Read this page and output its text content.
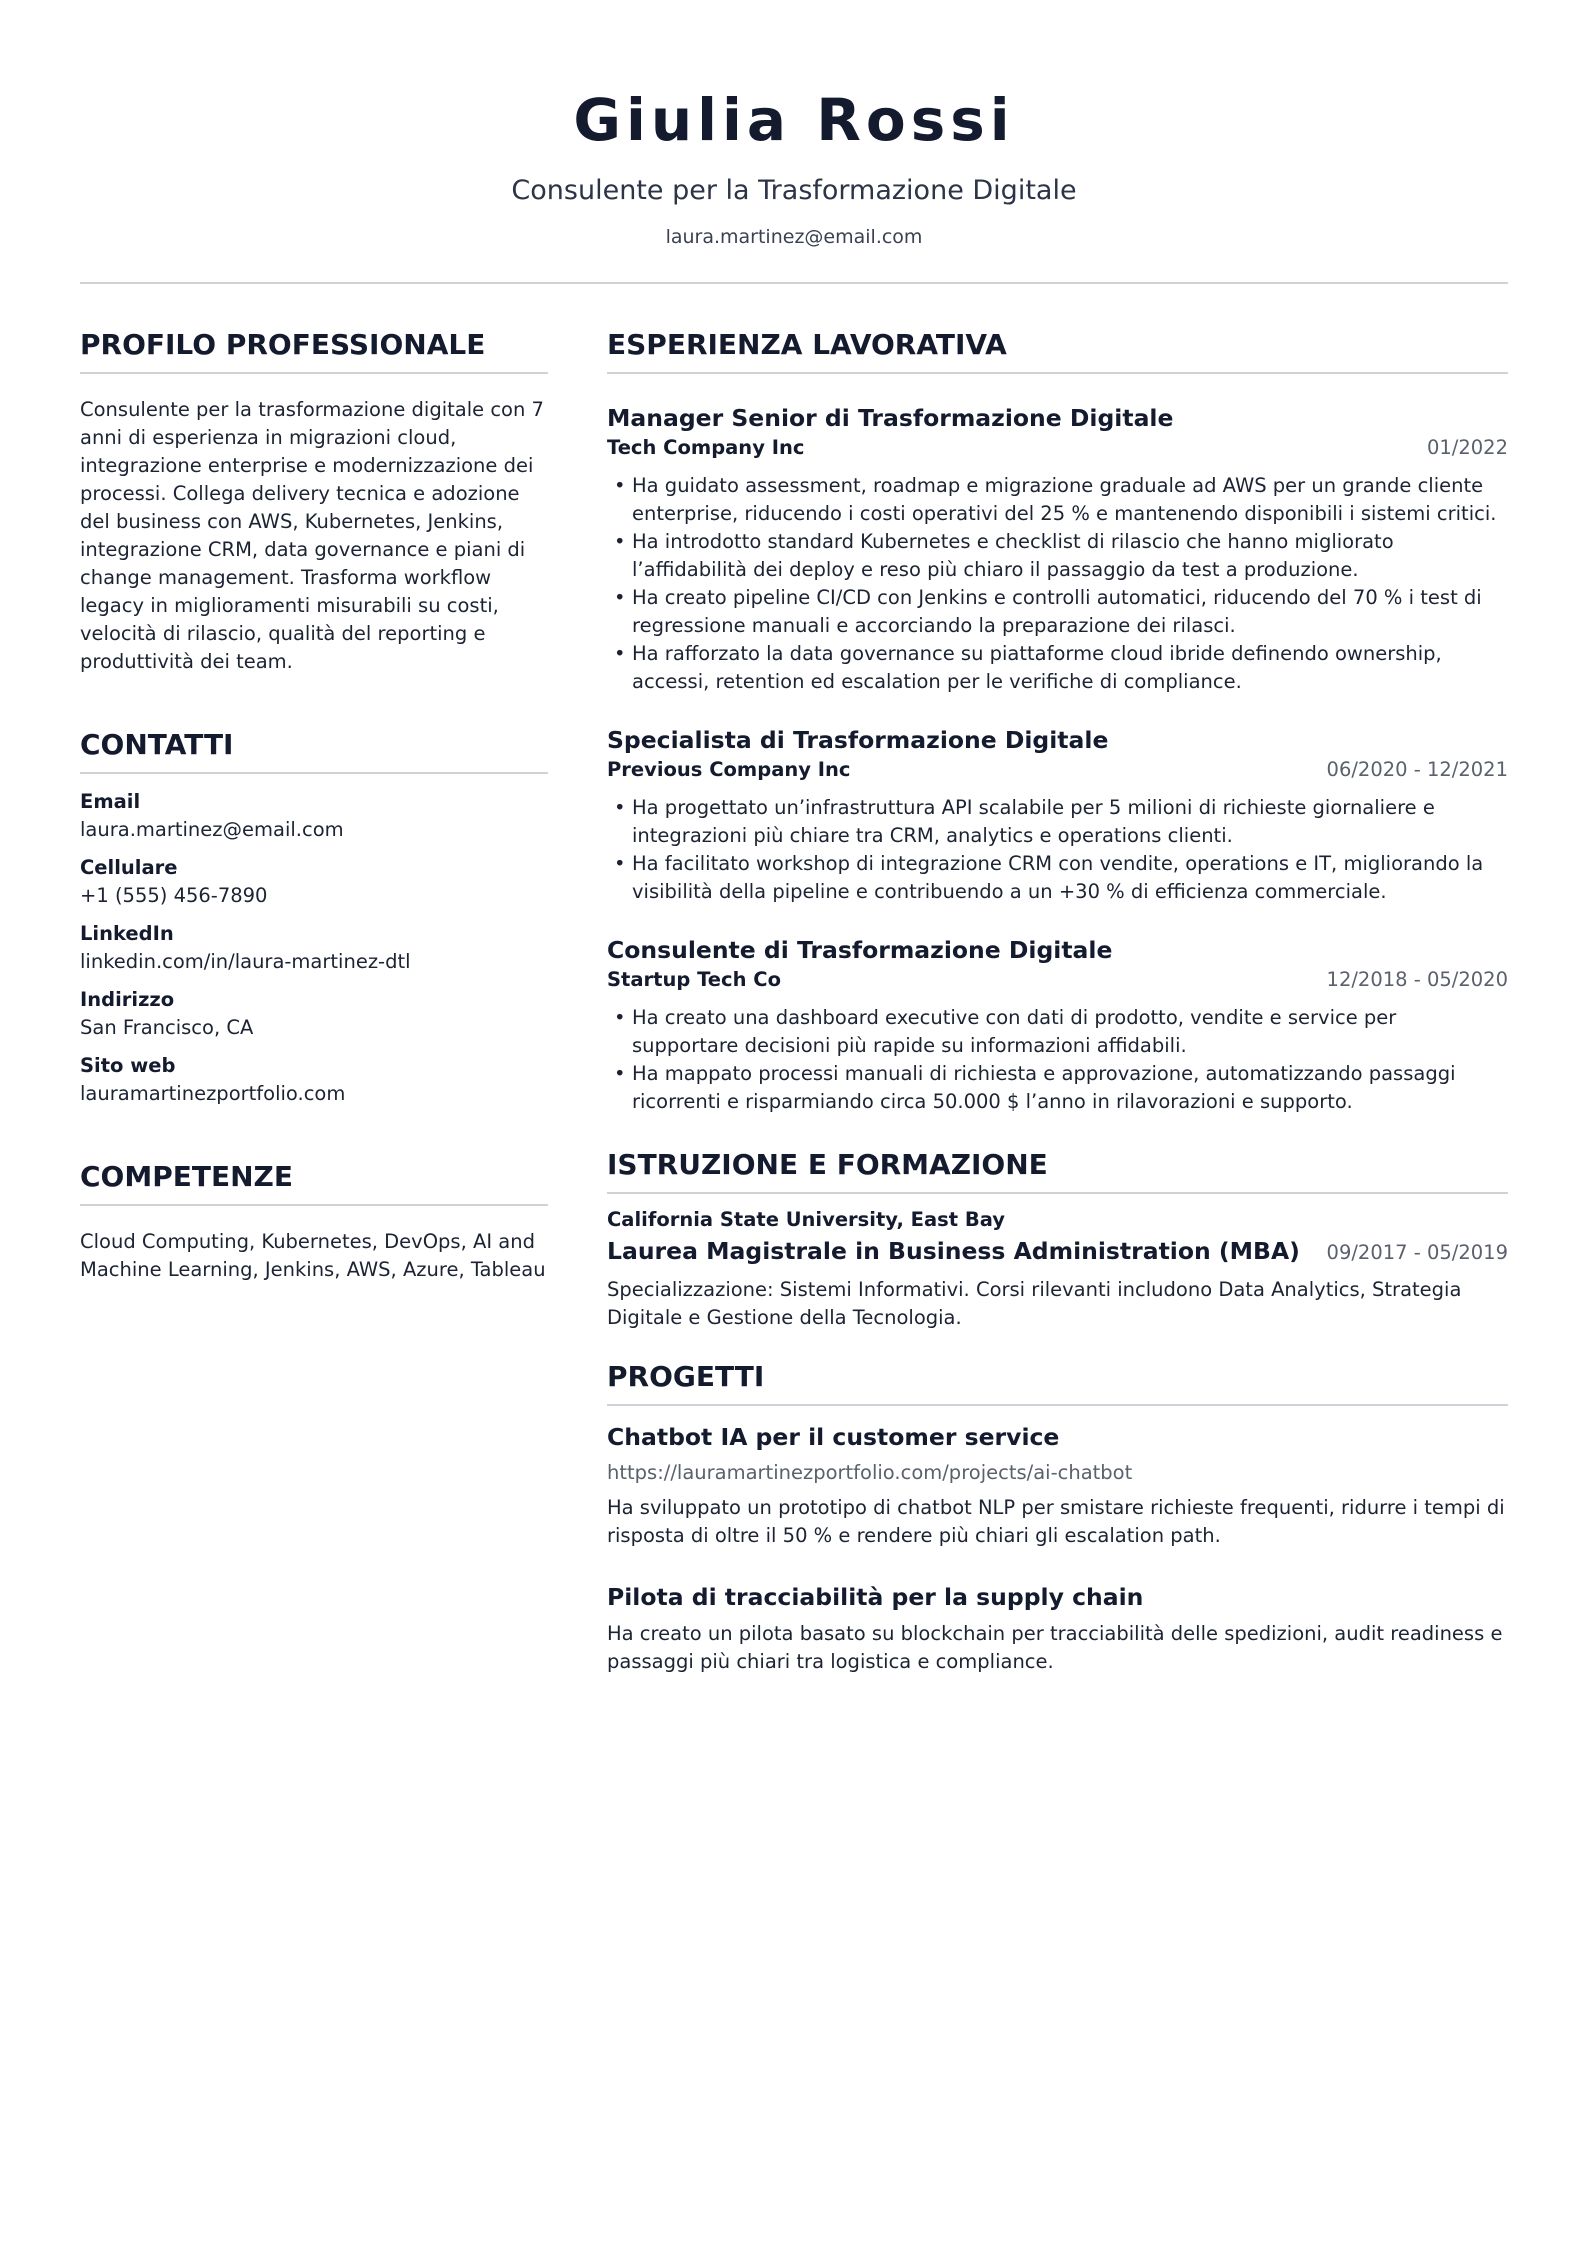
Giulia Rossi
Consulente per la Trasformazione Digitale
laura.martinez@email.com
PROFILO PROFESSIONALE
Consulente per la trasformazione digitale con 7 anni di esperienza in migrazioni cloud, integrazione enterprise e modernizzazione dei processi. Collega delivery tecnica e adozione del business con AWS, Kubernetes, Jenkins, integrazione CRM, data governance e piani di change management. Trasforma workflow legacy in miglioramenti misurabili su costi, velocità di rilascio, qualità del reporting e produttività dei team.
CONTATTI
Email
laura.martinez@email.com
Cellulare
+1 (555) 456-7890
LinkedIn
linkedin.com/in/laura-martinez-dtl
Indirizzo
San Francisco, CA
Sito web
lauramartinezportfolio.com
COMPETENZE
Cloud Computing, Kubernetes, DevOps, AI and Machine Learning, Jenkins, AWS, Azure, Tableau
ESPERIENZA LAVORATIVA
Manager Senior di Trasformazione Digitale
Tech Company Inc	01/2022
• Ha guidato assessment, roadmap e migrazione graduale ad AWS per un grande cliente enterprise, riducendo i costi operativi del 25 % e mantenendo disponibili i sistemi critici.
• Ha introdotto standard Kubernetes e checklist di rilascio che hanno migliorato l’affidabilità dei deploy e reso più chiaro il passaggio da test a produzione.
• Ha creato pipeline CI/CD con Jenkins e controlli automatici, riducendo del 70 % i test di regressione manuali e accorciando la preparazione dei rilasci.
• Ha rafforzato la data governance su piattaforme cloud ibride definendo ownership, accessi, retention ed escalation per le verifiche di compliance.
Specialista di Trasformazione Digitale
Previous Company Inc	06/2020 - 12/2021
• Ha progettato un’infrastruttura API scalabile per 5 milioni di richieste giornaliere e integrazioni più chiare tra CRM, analytics e operations clienti.
• Ha facilitato workshop di integrazione CRM con vendite, operations e IT, migliorando la visibilità della pipeline e contribuendo a un +30 % di efficienza commerciale.
Consulente di Trasformazione Digitale
Startup Tech Co	12/2018 - 05/2020
• Ha creato una dashboard executive con dati di prodotto, vendite e service per supportare decisioni più rapide su informazioni affidabili.
• Ha mappato processi manuali di richiesta e approvazione, automatizzando passaggi ricorrenti e risparmiando circa 50.000 $ l’anno in rilavorazioni e supporto.
ISTRUZIONE E FORMAZIONE
California State University, East Bay
Laurea Magistrale in Business Administration (MBA) 09/2017 - 05/2019
Specializzazione: Sistemi Informativi. Corsi rilevanti includono Data Analytics, Strategia Digitale e Gestione della Tecnologia.
PROGETTI
Chatbot IA per il customer service
https://lauramartinezportfolio.com/projects/ai-chatbot
Ha sviluppato un prototipo di chatbot NLP per smistare richieste frequenti, ridurre i tempi di risposta di oltre il 50 % e rendere più chiari gli escalation path.
Pilota di tracciabilità per la supply chain
Ha creato un pilota basato su blockchain per tracciabilità delle spedizioni, audit readiness e passaggi più chiari tra logistica e compliance.
